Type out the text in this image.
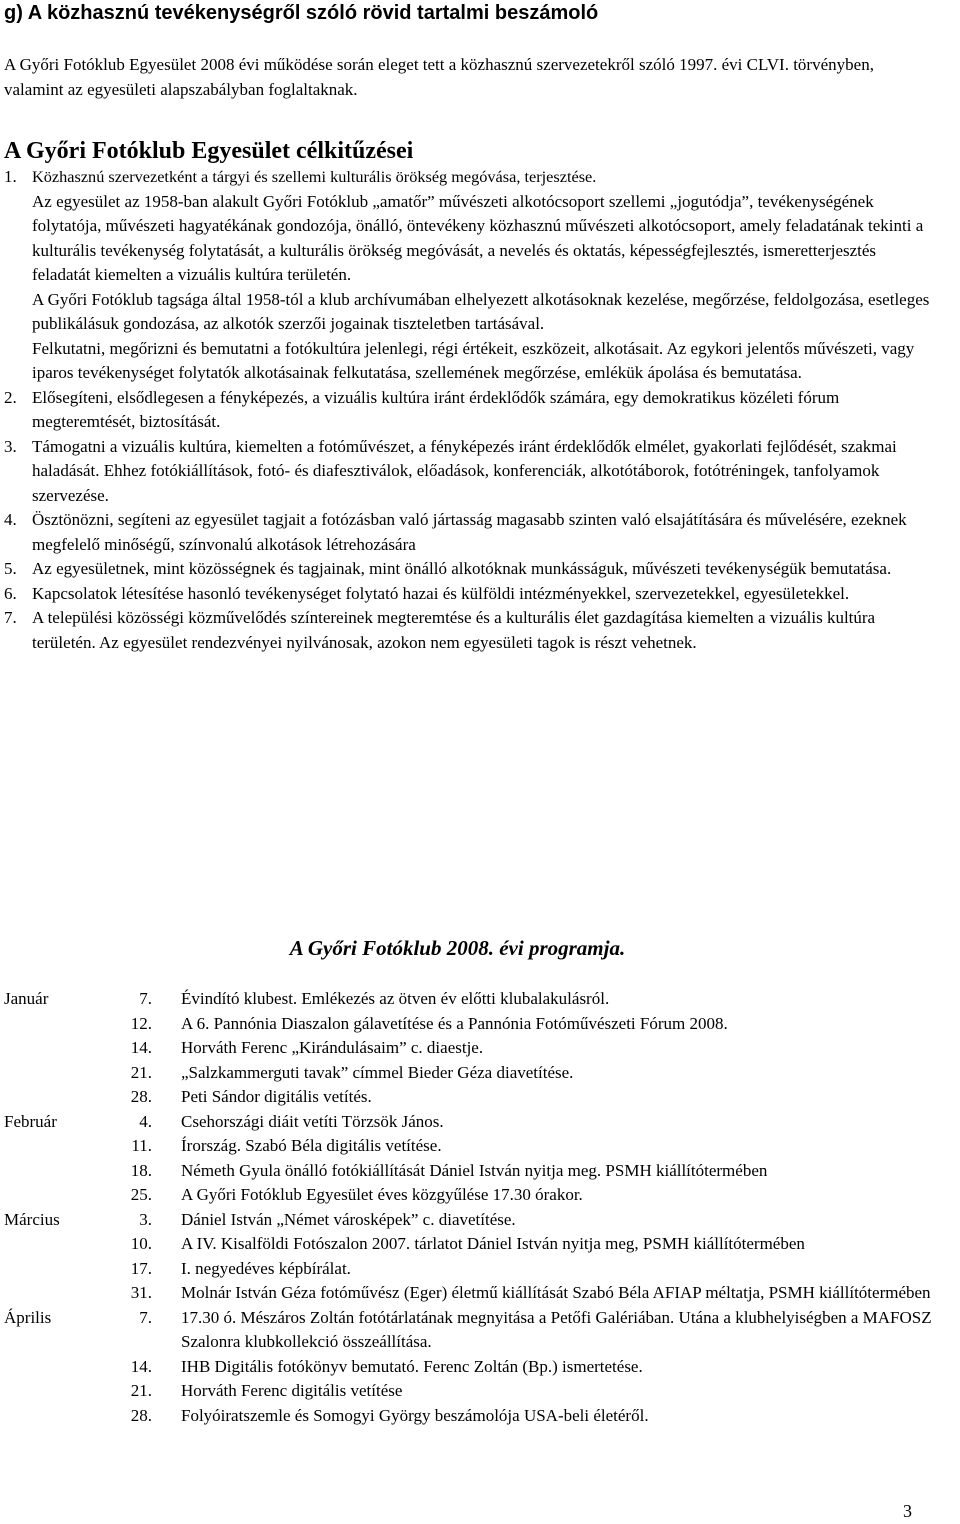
g) A közhasznú tevékenységről szóló rövid tartalmi beszámoló

A Győri Fotóklub Egyesület 2008 évi működése során eleget tett a közhasznú szervezetekről szóló 1997. évi CLVI. törvényben, valamint az egyesületi alapszabályban foglaltaknak.

A Győri Fotóklub Egyesület célkitűzései
1. Közhasznú szervezetként a tárgyi és szellemi kulturális örökség megóvása, terjesztése.

Az egyesület az 1958-ban alakult Győri Fotóklub „amatőr” művészeti alkotócsoport szellemi „jogutódja”, tevékenységének folytatója, művészeti hagyatékának gondozója, önálló, öntevékeny közhasznú művészeti alkotócsoport, amely feladatának tekinti a kulturális tevékenység folytatását, a kulturális örökség megóvását, a nevelés és oktatás, képességfejlesztés, ismeretterjesztés feladatát kiemelten a vizuális kultúra területén.

A Győri Fotóklub tagsága által 1958-tól a klub archívumában elhelyezett alkotásoknak kezelése, megőrzése, feldolgozása, esetleges publikálásuk gondozása, az alkotók szerzői jogainak tiszteletben tartásával.

Felkutatni, megőrizni és bemutatni a fotókultúra jelenlegi, régi értékeit, eszközeit, alkotásait. Az egykori jelentős művészeti, vagy iparos tevékenységet folytatók alkotásainak felkutatása, szellemének megőrzése, emlékük ápolása és bemutatása.

2. Elősegíteni, elsődlegesen a fényképezés, a vizuális kultúra iránt érdeklődők számára, egy demokratikus közéleti fórum megteremtését, biztosítását.

3. Támogatni a vizuális kultúra, kiemelten a fotóművészet, a fényképezés iránt érdeklődők elmélet, gyakorlati fejlődését, szakmai haladását. Ehhez fotókiállítások, fotó- és diafesztiválok, előadások, konferenciák, alkotótáborok, fotótréningek, tanfolyamok szervezése.

4. Ösztönözni, segíteni az egyesület tagjait a fotózásban való jártasság magasabb szinten való elsajátítására és művelésére, ezeknek megfelelő minőségű, színvonalú alkotások létrehozására

5. Az egyesületnek, mint közösségnek és tagjainak, mint önálló alkotóknak munkásságuk, művészeti tevékenységük bemutatása.

6. Kapcsolatok létesítése hasonló tevékenységet folytató hazai és külföldi intézményekkel, szervezetekkel, egyesületekkel.

7. A települési közösségi közművelődés színtereinek megteremtése és a kulturális élet gazdagítása kiemelten a vizuális kultúra területén. Az egyesület rendezvényei nyilvánosak, azokon nem egyesületi tagok is részt vehetnek.

A Győri Fotóklub 2008. évi programja.

Január	7. Évindító klubest. Emlékezés az ötven év előtti klubalakulásról.
12. A 6. Pannónia Diaszalon gálavetítése és a Pannónia Fotóművészeti Fórum 2008.
14. Horváth Ferenc „Kirándulásaim” c. diaestje.
21. „Salzkammerguti tavak” címmel Bieder Géza diavetítése.
28. Peti Sándor digitális vetítés.
Február	4. Csehországi diáit vetíti Törzsök János.
11. Írország. Szabó Béla digitális vetítése.
18. Németh Gyula önálló fotókiállítását Dániel István nyitja meg. PSMH kiállítótermében
25. A Győri Fotóklub Egyesület éves közgyűlése 17.30 órakor.
Március	3. Dániel István „Német városképek” c. diavetítése.
10. A IV. Kisalföldi Fotószalon 2007. tárlatot Dániel István nyitja meg, PSMH kiállítótermében
17. I. negyedéves képbírálat.
31. Molnár István Géza fotóművész (Eger) életmű kiállítását Szabó Béla AFIAP méltatja, PSMH kiállítótermében
Április	7. 17.30 ó. Mészáros Zoltán fotótárlatának megnyitása a Petőfi Galériában. Utána a klubhelyiségben a MAFOSZ Szalonra klubkollekció összeállítása.
14. IHB Digitális fotókönyv bemutató. Ferenc Zoltán (Bp.) ismertetése.
21. Horváth Ferenc digitális vetítése
28. Folyóiratszemle és Somogyi György beszámolója USA-beli életéről.
3
